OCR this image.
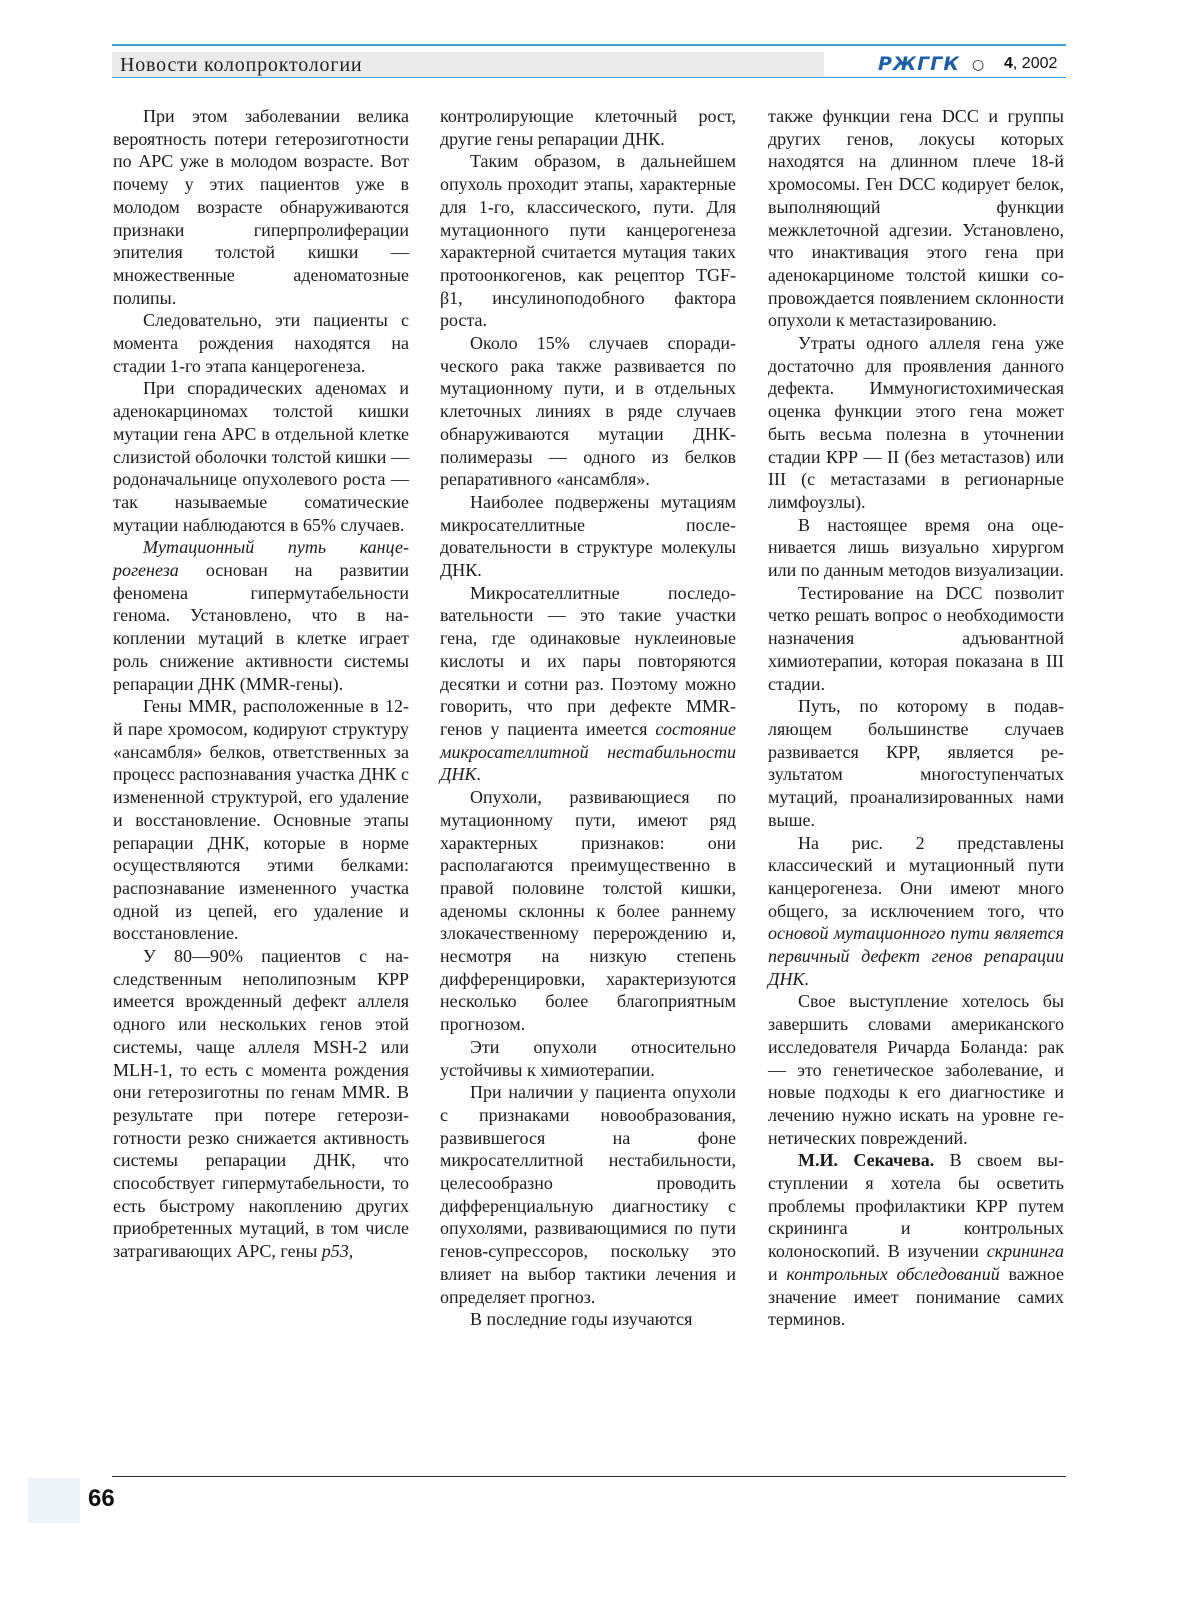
Новости колопроктологии	РЖГГК ○ 4, 2002

При этом заболевании велика вероятность потери гетерозиготности по APC уже в молодом возрасте. Вот почему у этих пациентов уже в молодом возрасте обнаруживаются признаки гиперпролиферации эпителия толстой кишки — множественные аденоматозные полипы.

Следовательно, эти пациенты с момента рождения находятся на стадии 1-го этапа канцерогенеза.

При спорадических аденомах и аденокарциномах толстой кишки мутации гена APC в отдельной клетке слизистой оболочки толстой кишки — родоначальнице опухолевого роста — так называемые соматические мутации наблюдаются в 65% случаев.

Мутационный путь канцерогенеза основан на развитии феномена гипермутабельности генома. Установлено, что в накоплении мутаций в клетке играет роль снижение активности системы репарации ДНК (MMR-гены).

Гены MMR, расположенные в 12-й паре хромосом, кодируют структуру «ансамбля» белков, ответственных за процесс распознавания участка ДНК с измененной структурой, его удаление и восстановление. Основные этапы репарации ДНК, которые в норме осуществляются этими белками: распознавание измененного участка одной из цепей, его удаление и восстановление.

У 80—90% пациентов с наследственным неполипозным КРР имеется врожденный дефект аллеля одного или нескольких генов этой системы, чаще аллеля MSH-2 или MLH-1, то есть с момента рождения они гетерозиготны по генам MMR. В результате при потере гетерозиготности резко снижается активность системы репарации ДНК, что способствует гипермутабельности, то есть быстрому накоплению других приобретенных мутаций, в том числе затрагивающих APC, гены p53,

контролирующие клеточный рост, другие гены репарации ДНК.

Таким образом, в дальнейшем опухоль проходит этапы, характерные для 1-го, классического, пути. Для мутационного пути канцерогенеза характерной считается мутация таких протоонкогенов, как рецептор TGF-β1, инсулиноподобного фактора роста.

Около 15% случаев спорадического рака также развивается по мутационному пути, и в отдельных клеточных линиях в ряде случаев обнаруживаются мутации ДНК-полимеразы — одного из белков репаративного «ансамбля».

Наиболее подвержены мутациям микросателлитные последовательности в структуре молекулы ДНК.

Микросателлитные последовательности — это такие участки гена, где одинаковые нуклеиновые кислоты и их пары повторяются десятки и сотни раз. Поэтому можно говорить, что при дефекте MMR-генов у пациента имеется состояние микросателлитной нестабильности ДНК.

Опухоли, развивающиеся по мутационному пути, имеют ряд характерных признаков: они располагаются преимущественно в правой половине толстой кишки, аденомы склонны к более раннему злокачественному перерождению и, несмотря на низкую степень дифференцировки, характеризуются несколько более благоприятным прогнозом.

Эти опухоли относительно устойчивы к химиотерапии.

При наличии у пациента опухоли с признаками новообразования, развившегося на фоне микросателлитной нестабильности, целесообразно проводить дифференциальную диагностику с опухолями, развивающимися по пути генов-супрессоров, поскольку это влияет на выбор тактики лечения и определяет прогноз.

В последние годы изучаются

также функции гена DCC и группы других генов, локусы которых находятся на длинном плече 18-й хромосомы. Ген DCC кодирует белок, выполняющий функции межклеточной адгезии. Установлено, что инактивация этого гена при аденокарциноме толстой кишки сопровождается появлением склонности опухоли к метастазированию.

Утраты одного аллеля гена уже достаточно для проявления данного дефекта. Иммуногистохимическая оценка функции этого гена может быть весьма полезна в уточнении стадии КРР — II (без метастазов) или III (с метастазами в регионарные лимфоузлы).

В настоящее время она оценивается лишь визуально хирургом или по данным методов визуализации.

Тестирование на DCC позволит четко решать вопрос о необходимости назначения адъювантной химиотерапии, которая показана в III стадии.

Путь, по которому в подавляющем большинстве случаев развивается КРР, является результатом многоступенчатых мутаций, проанализированных нами выше.

На рис. 2 представлены классический и мутационный пути канцерогенеза. Они имеют много общего, за исключением того, что основой мутационного пути является первичный дефект генов репарации ДНК.

Свое выступление хотелось бы завершить словами американского исследователя Ричарда Боланда: рак — это генетическое заболевание, и новые подходы к его диагностике и лечению нужно искать на уровне генетических повреждений.

М.И. Секачева. В своем выступлении я хотела бы осветить проблемы профилактики КРР путем скрининга и контрольных колоноскопий. В изучении скрининга и контрольных обследований важное значение имеет понимание самих терминов.

66
